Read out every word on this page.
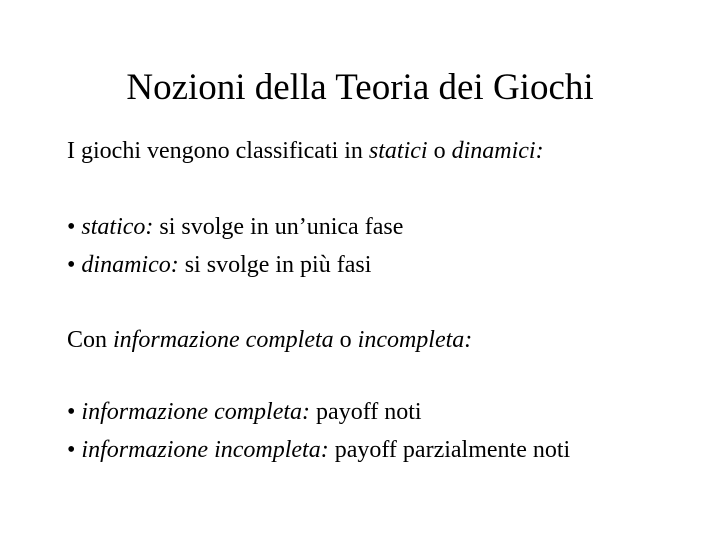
Nozioni della Teoria dei Giochi
I giochi vengono classificati in statici o dinamici:
• statico: si svolge in un’unica fase
• dinamico: si svolge in più fasi
Con informazione completa o incompleta:
• informazione completa: payoff noti
• informazione incompleta: payoff parzialmente noti
